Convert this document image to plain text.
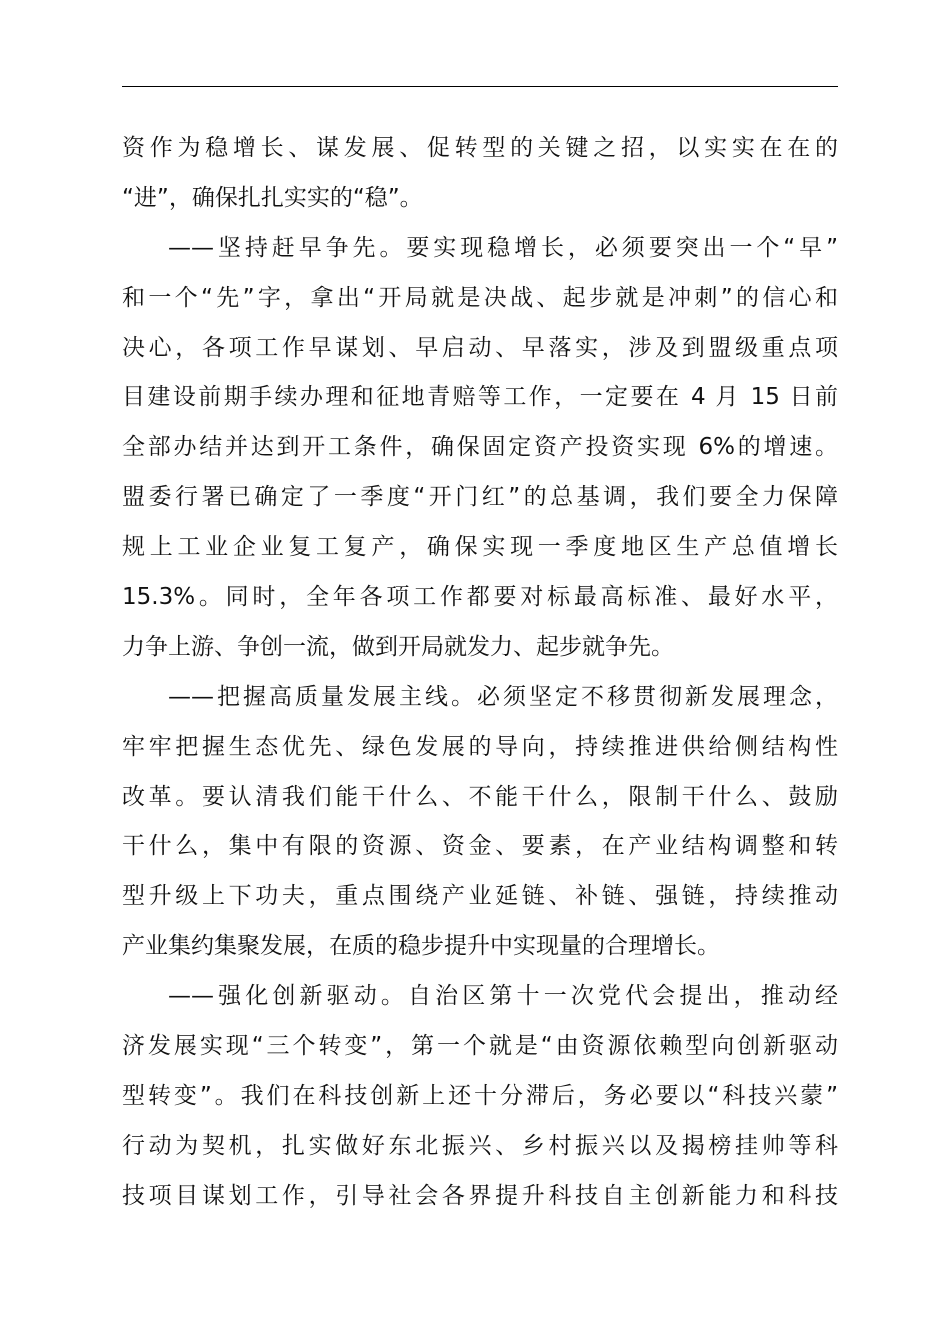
资作为稳增长、谋发展、促转型的关键之招，以实实在在的
“进”，确保扎扎实实的“稳”。
——坚持赶早争先。要实现稳增长，必须要突出一个“早”
和一个“先”字，拿出“开局就是决战、起步就是冲刺”的信心和
决心，各项工作早谋划、早启动、早落实，涉及到盟级重点项
目建设前期手续办理和征地青赔等工作，一定要在 4 月 15 日前
全部办结并达到开工条件，确保固定资产投资实现 6%的增速。
盟委行署已确定了一季度“开门红”的总基调，我们要全力保障
规上工业企业复工复产，确保实现一季度地区生产总值增长
15.3%。同时，全年各项工作都要对标最高标准、最好水平，
力争上游、争创一流，做到开局就发力、起步就争先。
——把握高质量发展主线。必须坚定不移贯彻新发展理念，
牢牢把握生态优先、绿色发展的导向，持续推进供给侧结构性
改革。要认清我们能干什么、不能干什么，限制干什么、鼓励
干什么，集中有限的资源、资金、要素，在产业结构调整和转
型升级上下功夫，重点围绕产业延链、补链、强链，持续推动
产业集约集聚发展，在质的稳步提升中实现量的合理增长。
——强化创新驱动。自治区第十一次党代会提出，推动经
济发展实现“三个转变”，第一个就是“由资源依赖型向创新驱动
型转变”。我们在科技创新上还十分滞后，务必要以“科技兴蒙”
行动为契机，扎实做好东北振兴、乡村振兴以及揭榜挂帅等科
技项目谋划工作，引导社会各界提升科技自主创新能力和科技
